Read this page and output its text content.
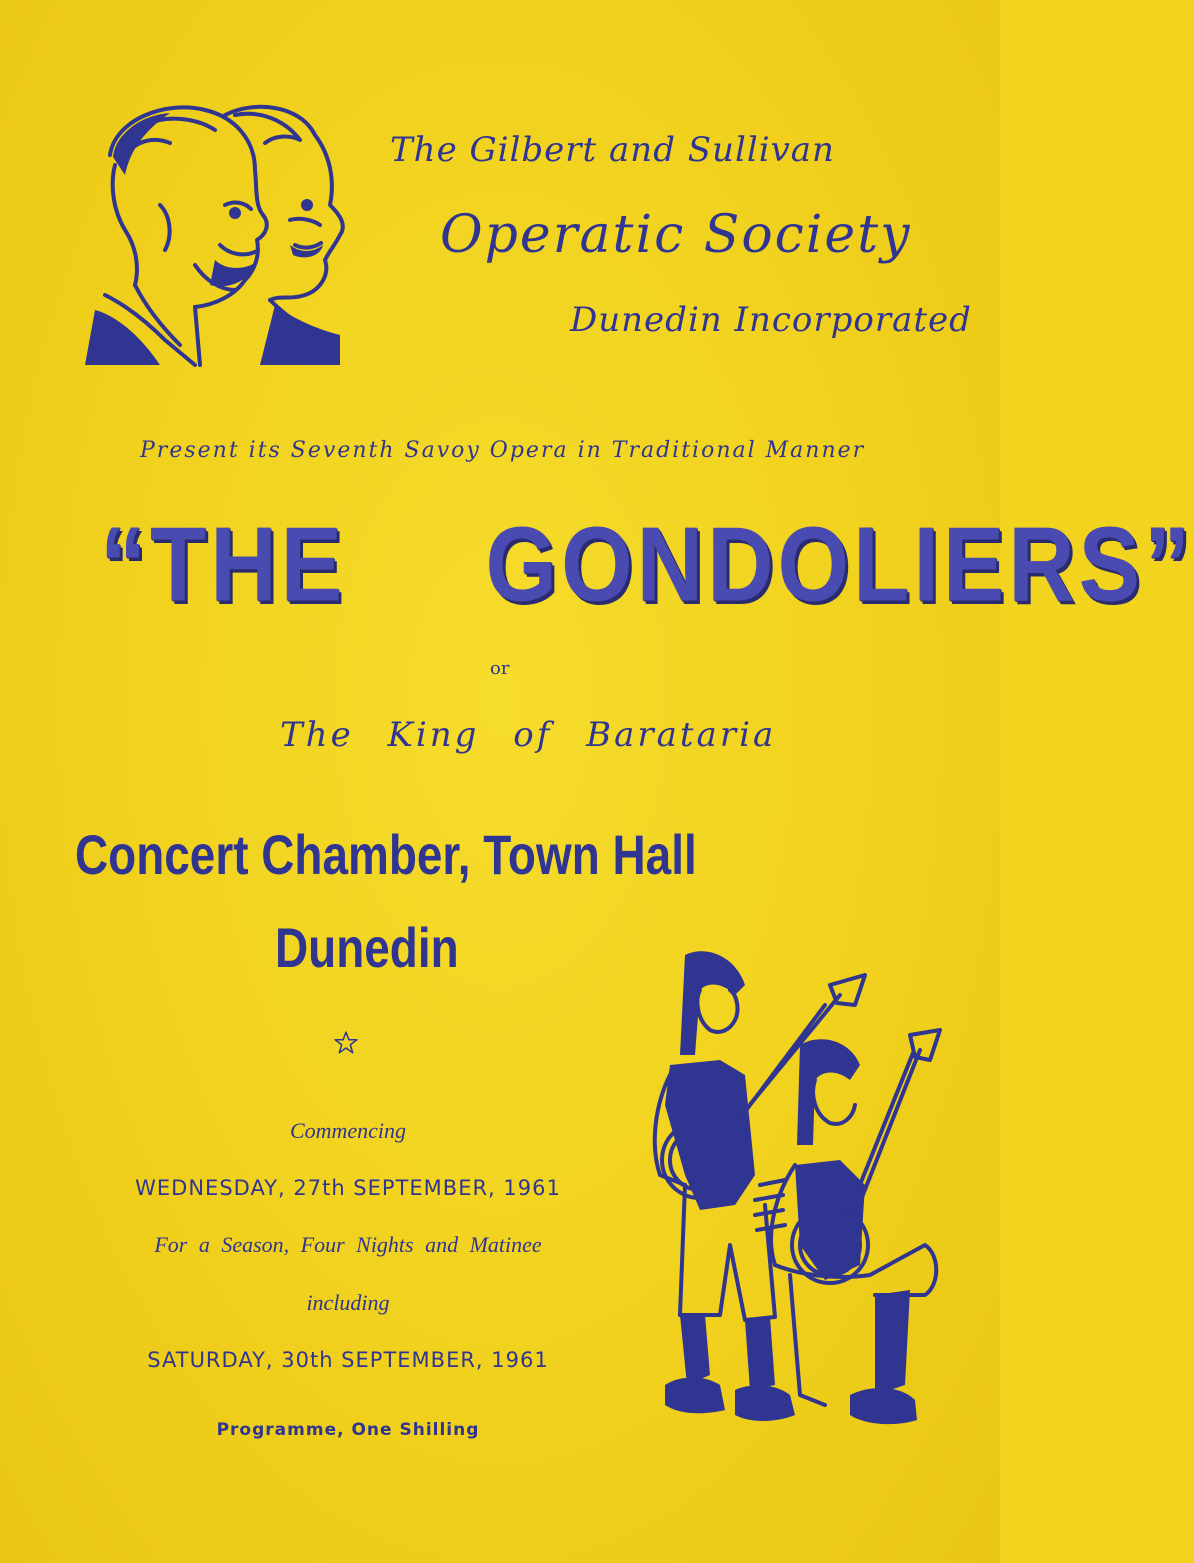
The Gilbert and Sullivan
Operatic Society
Dunedin Incorporated
Present its Seventh Savoy Opera in Traditional Manner
“THE GONDOLIERS”
or
The King of Barataria
Concert Chamber, Town Hall
Dunedin
Commencing
WEDNESDAY, 27th SEPTEMBER, 1961
For a Season, Four Nights and Matinee
including
SATURDAY, 30th SEPTEMBER, 1961
Programme, One Shilling
